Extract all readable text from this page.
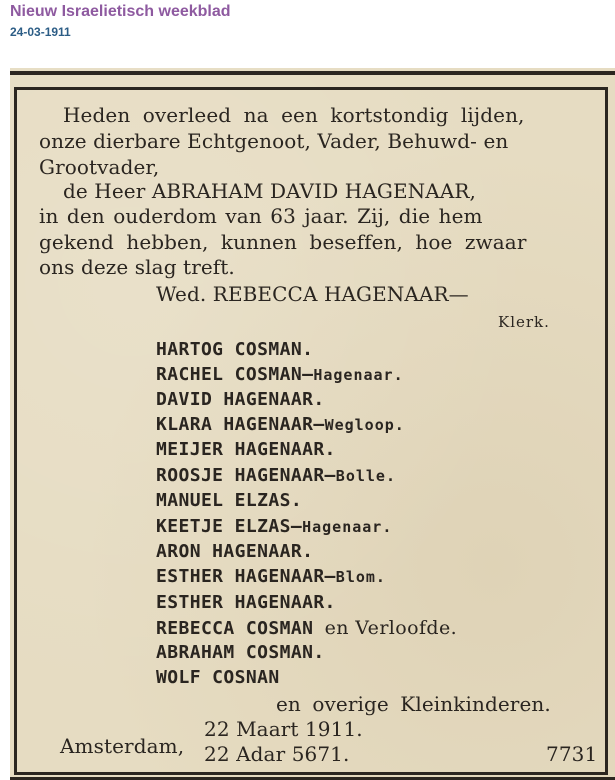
Nieuw Israelietisch weekblad
24-03-1911
Heden overleed na een kortstondig lijden,
onze dierbare Echtgenoot, Vader, Behuwd- en
Grootvader,
de Heer ABRAHAM DAVID HAGENAAR,
in den ouderdom van 63 jaar. Zij, die hem
gekend hebben, kunnen beseffen, hoe zwaar
ons deze slag treft.
Wed. REBECCA HAGENAAR—
Klerk.
HARTOG COSMAN.
RACHEL COSMAN—Hagenaar.
DAVID HAGENAAR.
KLARA HAGENAAR—Wegloop.
MEIJER HAGENAAR.
ROOSJE HAGENAAR—Bolle.
MANUEL ELZAS.
KEETJE ELZAS—Hagenaar.
ARON HAGENAAR.
ESTHER HAGENAAR—Blom.
ESTHER HAGENAAR.
REBECCA COSMAN en Verloofde.
ABRAHAM COSMAN.
WOLF COSNAN
en overige Kleinkinderen.
22 Maart 1911.
Amsterdam, 22 Adar 5671.	7731
